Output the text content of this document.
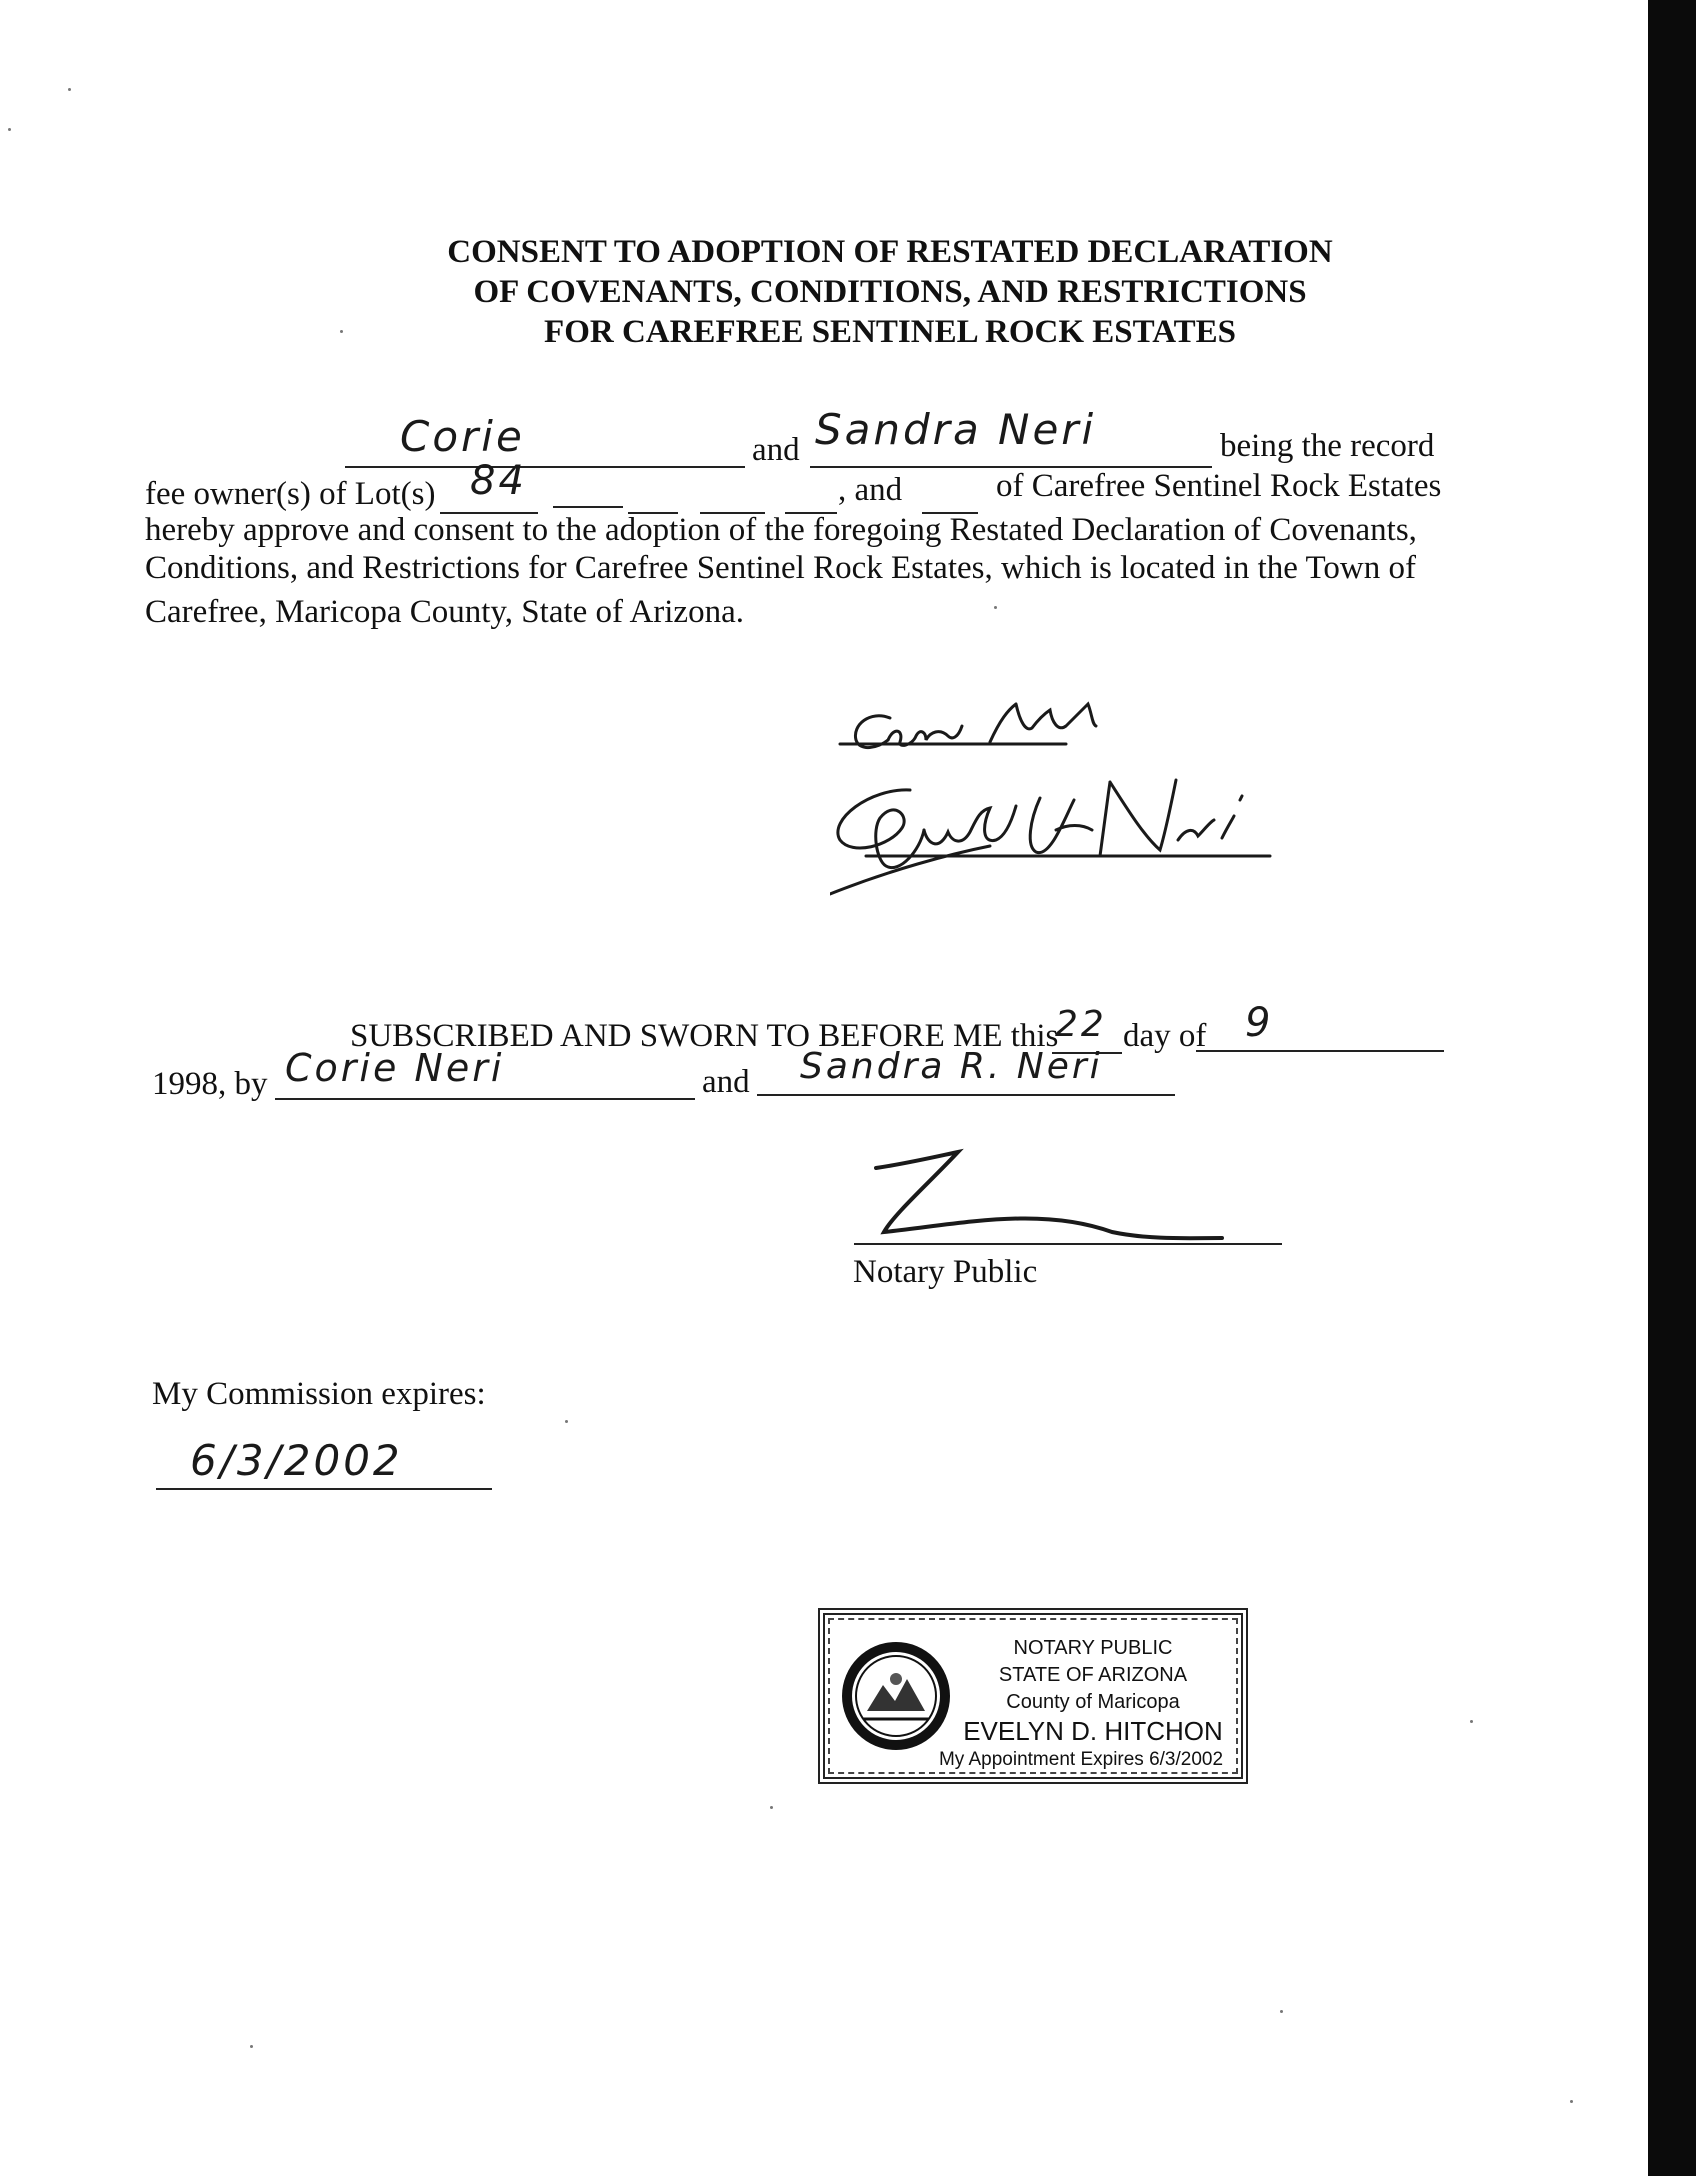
CONSENT TO ADOPTION OF RESTATED DECLARATION
OF COVENANTS, CONDITIONS, AND RESTRICTIONS
FOR CAREFREE SENTINEL ROCK ESTATES
Corie	and Sandra Neri	being the record
fee owner(s) of Lot(s) 84	, and	of Carefree Sentinel Rock Estates
hereby approve and consent to the adoption of the foregoing Restated Declaration of Covenants,
Conditions, and Restrictions for Carefree Sentinel Rock Estates, which is located in the Town of
Carefree, Maricopa County, State of Arizona.
SUBSCRIBED AND SWORN TO BEFORE ME this
22 day of 9
1998, by Corie Neri	and Sandra R. Neri
Notary Public
My Commission expires:
6/3/2002
NOTARY PUBLIC
STATE OF ARIZONA
County of Maricopa
EVELYN D. HITCHON
My Appointment Expires 6/3/2002
